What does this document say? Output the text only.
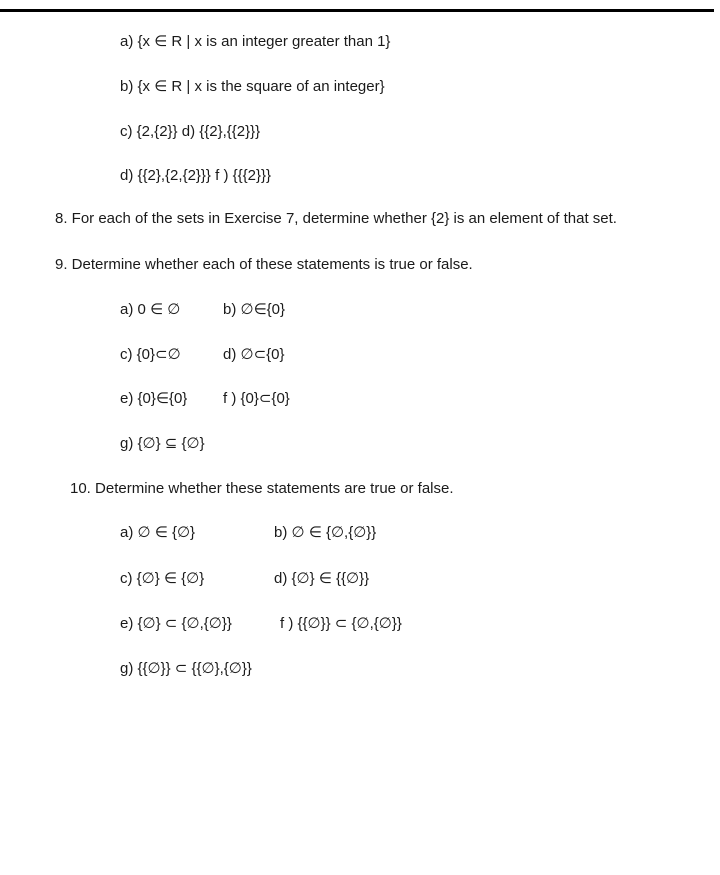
a) {x ∈ R | x is an integer greater than 1}
b) {x ∈ R | x is the square of an integer}
c) {2,{2}} d) {{2},{{2}}}
d) {{2},{2,{2}}} f ) {{{2}}}
8. For each of the sets in Exercise 7, determine whether {2} is an element of that set.
9. Determine whether each of these statements is true or false.
a) 0 ∈ ∅	b) ∅∈{0}
c) {0}⊂∅	d) ∅⊂{0}
e) {0}∈{0} f ) {0}⊂{0}
g) {∅} ⊆ {∅}
10. Determine whether these statements are true or false.
a) ∅ ∈ {∅}	b) ∅ ∈ {∅,{∅}}
c) {∅} ∈ {∅}	d) {∅} ∈ {{∅}}
e) {∅} ⊂ {∅,{∅}}	f ) {{∅}} ⊂ {∅,{∅}}
g) {{∅}} ⊂ {{∅},{∅}}
